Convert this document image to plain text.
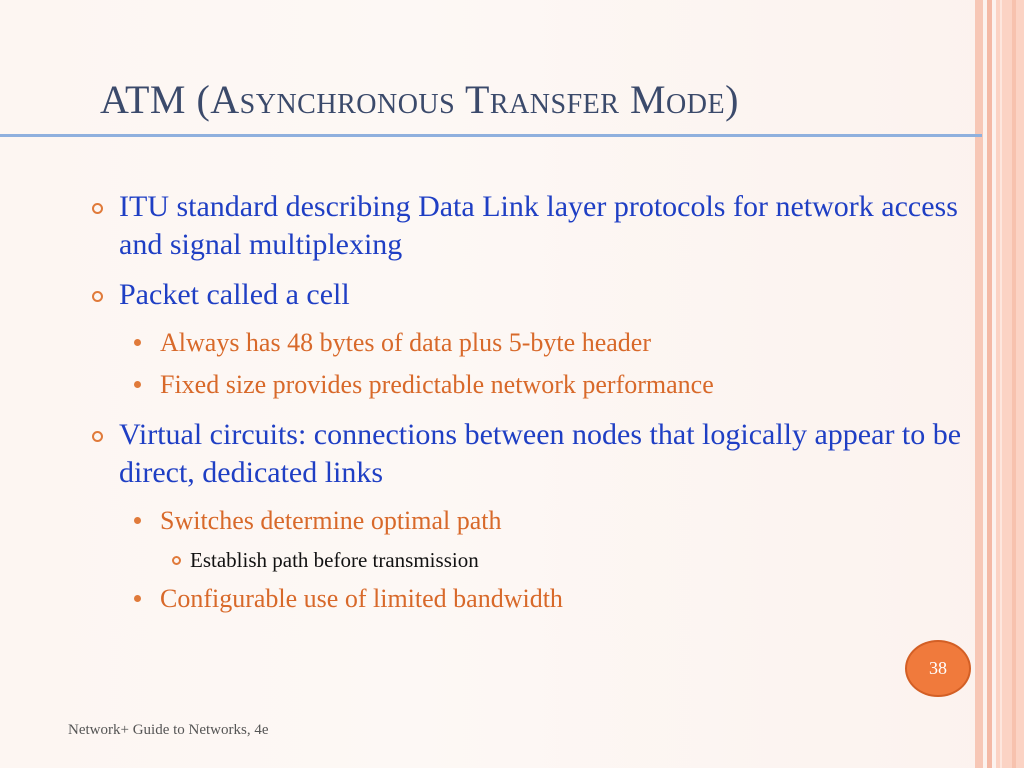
ATM (Asynchronous Transfer Mode)
ITU standard describing Data Link layer protocols for network access and signal multiplexing
Packet called a cell
Always has 48 bytes of data plus 5-byte header
Fixed size provides predictable network performance
Virtual circuits: connections between nodes that logically appear to be direct, dedicated links
Switches determine optimal path
Establish path before transmission
Configurable use of limited bandwidth
38
Network+ Guide to Networks, 4e
